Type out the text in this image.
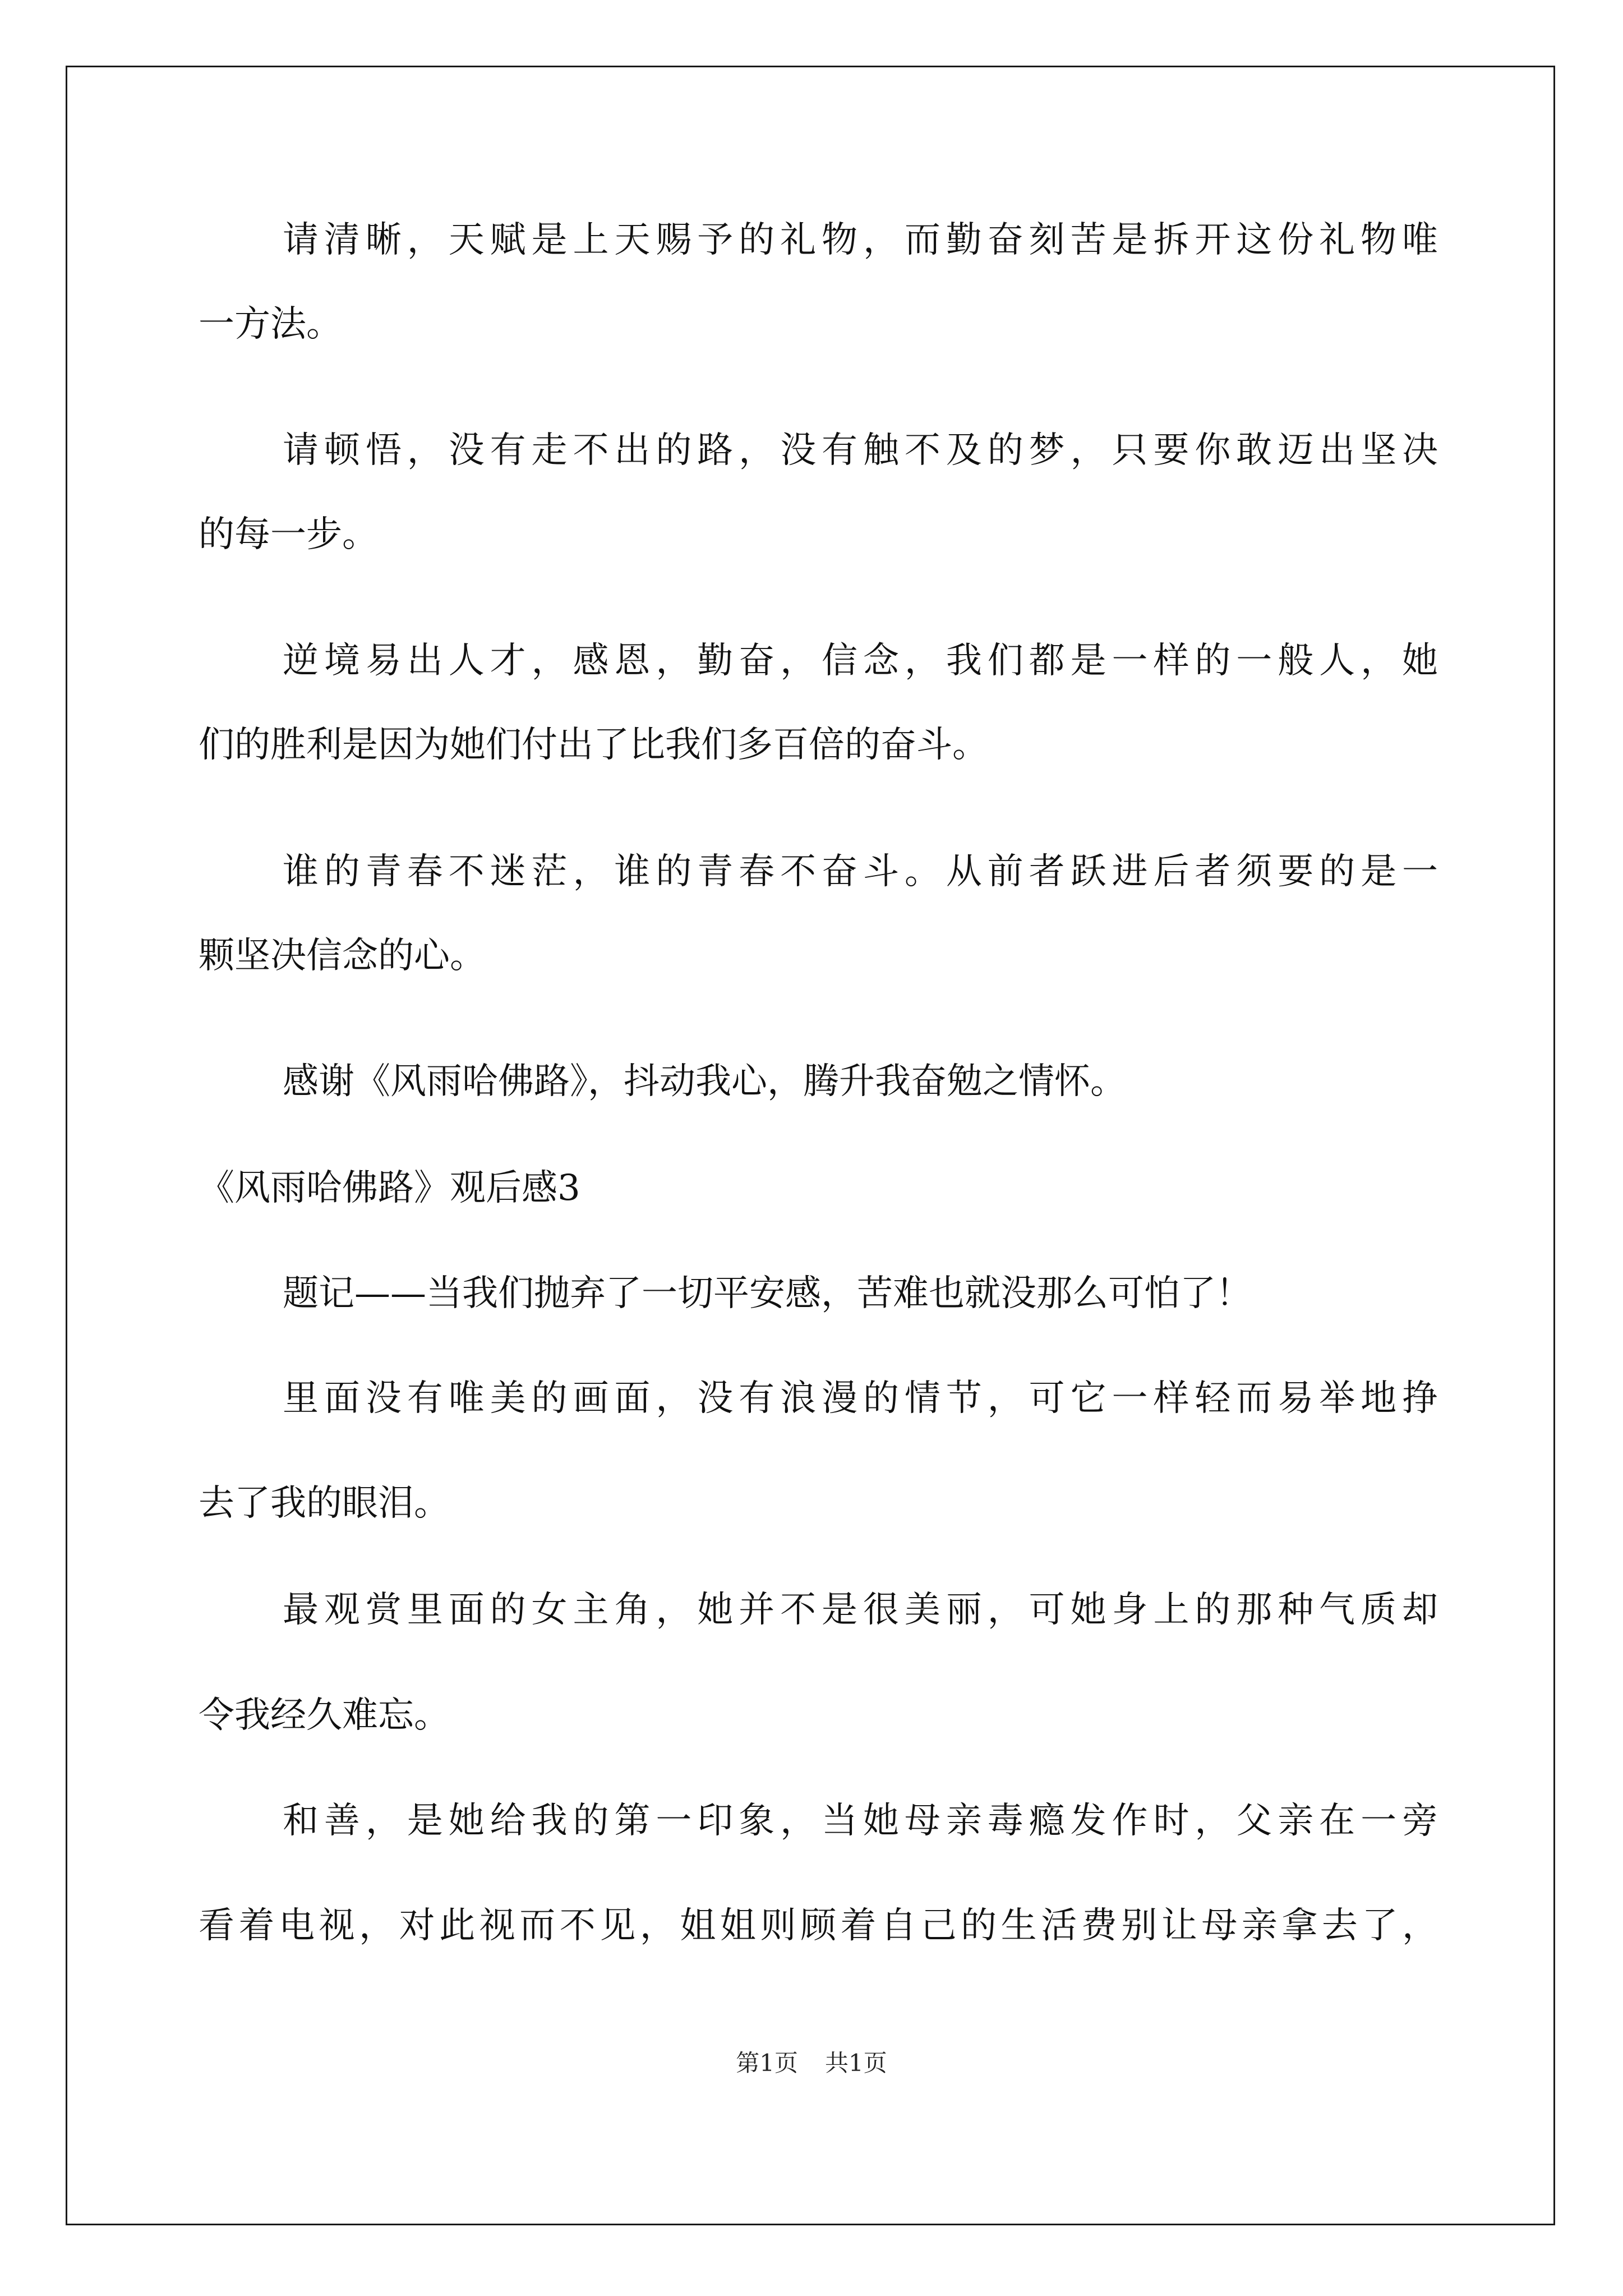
请清晰，天赋是上天赐予的礼物，而勤奋刻苦是拆开这份礼物唯
一方法。
请顿悟，没有走不出的路，没有触不及的梦，只要你敢迈出坚决
的每一步。
逆境易出人才，感恩，勤奋，信念，我们都是一样的一般人，她
们的胜利是因为她们付出了比我们多百倍的奋斗。
谁的青春不迷茫，谁的青春不奋斗。从前者跃进后者须要的是一
颗坚决信念的心。
感谢《风雨哈佛路》，抖动我心，腾升我奋勉之情怀。
《风雨哈佛路》观后感3
题记——当我们抛弃了一切平安感，苦难也就没那么可怕了！
里面没有唯美的画面，没有浪漫的情节，可它一样轻而易举地挣
去了我的眼泪。
最观赏里面的女主角，她并不是很美丽，可她身上的那种气质却
令我经久难忘。
和善，是她给我的第一印象，当她母亲毒瘾发作时，父亲在一旁
看着电视，对此视而不见，姐姐则顾着自己的生活费别让母亲拿去了，
第1页 共1页
